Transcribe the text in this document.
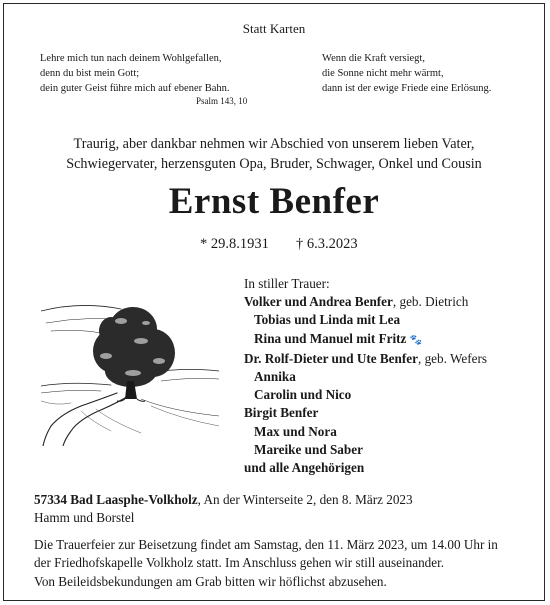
Statt Karten
Lehre mich tun nach deinem Wohlgefallen,
denn du bist mein Gott;
dein guter Geist führe mich auf ebener Bahn.
Psalm 143, 10
Wenn die Kraft versiegt,
die Sonne nicht mehr wärmt,
dann ist der ewige Friede eine Erlösung.
Traurig, aber dankbar nehmen wir Abschied von unserem lieben Vater,
Schwiegervater, herzensguten Opa, Bruder, Schwager, Onkel und Cousin
Ernst Benfer
* 29.8.1931 † 6.3.2023
In stiller Trauer:
Volker und Andrea Benfer, geb. Dietrich
Tobias und Linda mit Lea
Rina und Manuel mit Fritz 🐾
Dr. Rolf-Dieter und Ute Benfer, geb. Wefers
Annika
Carolin und Nico
Birgit Benfer
Max und Nora
Mareike und Saber
und alle Angehörigen
57334 Bad Laasphe-Volkholz, An der Winterseite 2, den 8. März 2023
Hamm und Borstel
Die Trauerfeier zur Beisetzung findet am Samstag, den 11. März 2023, um 14.00 Uhr in
der Friedhofskapelle Volkholz statt. Im Anschluss gehen wir still auseinander.
Von Beileidsbekundungen am Grab bitten wir höflichst abzusehen.
